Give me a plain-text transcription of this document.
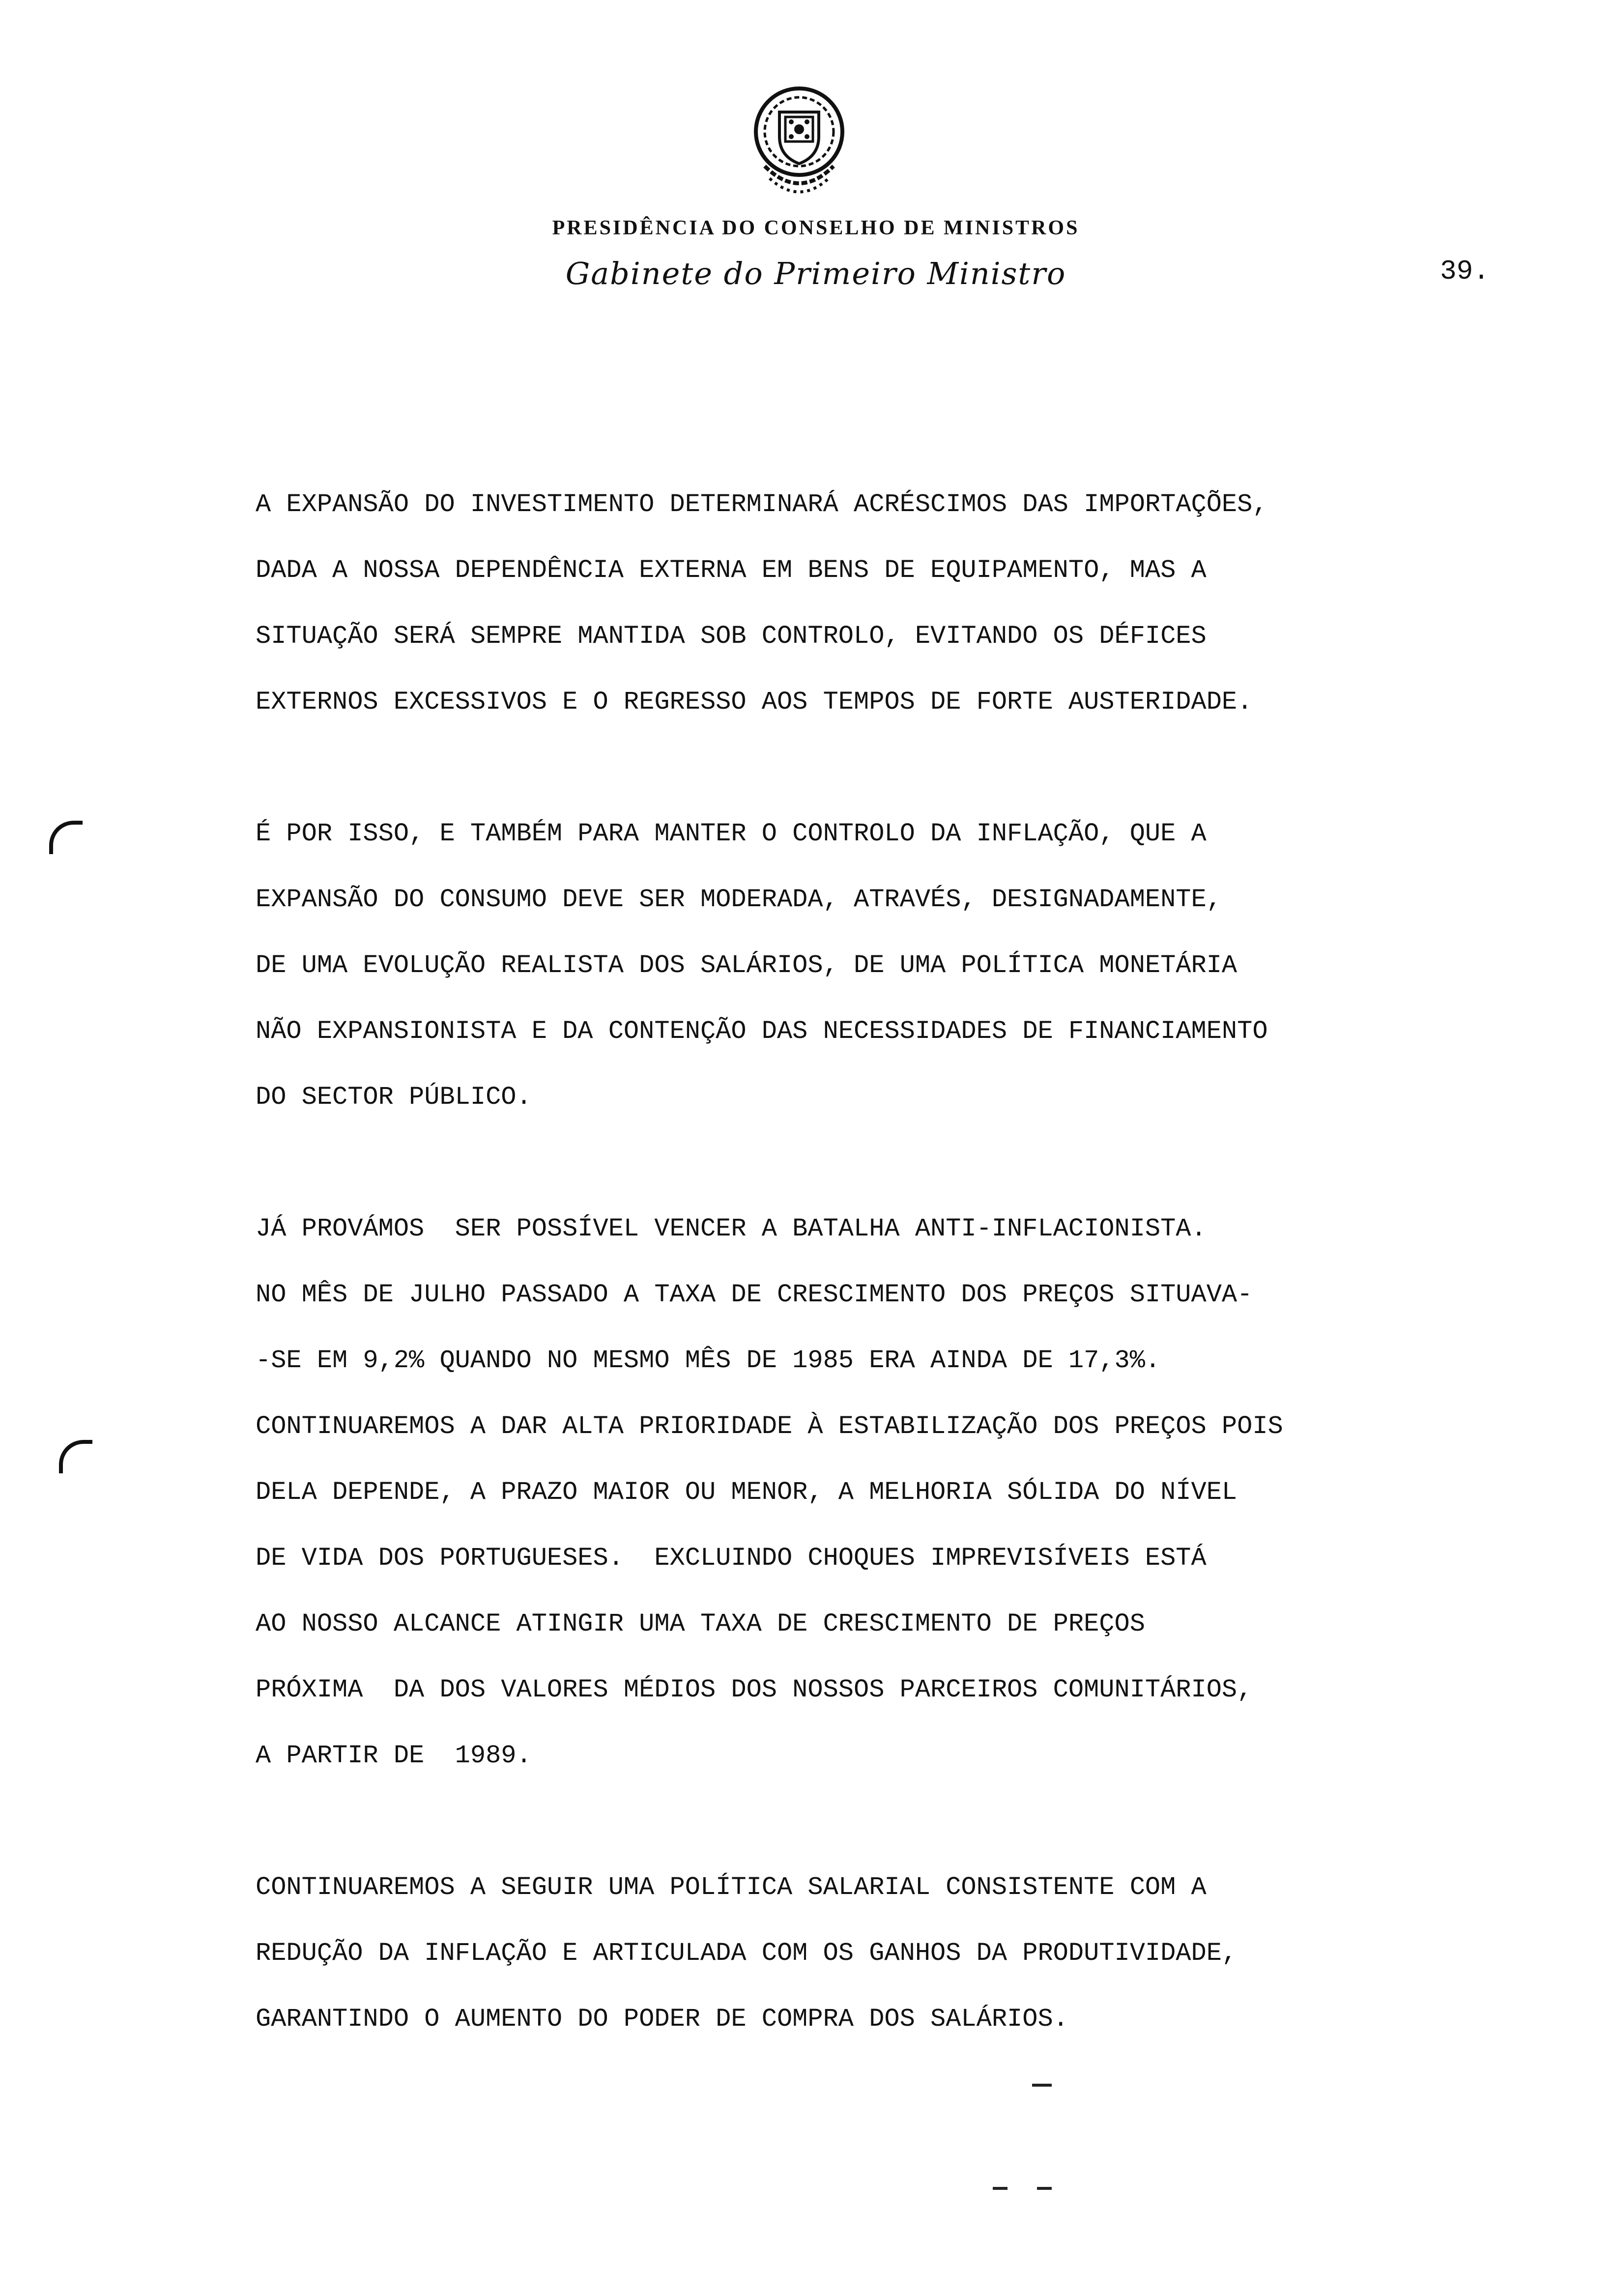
PRESIDÊNCIA DO CONSELHO DE MINISTROS
Gabinete do Primeiro Ministro	39.
A EXPANSÃO DO INVESTIMENTO DETERMINARÁ ACRÉSCIMOS DAS IMPORTAÇÕES,
DADA A NOSSA DEPENDÊNCIA EXTERNA EM BENS DE EQUIPAMENTO, MAS A
SITUAÇÃO SERÁ SEMPRE MANTIDA SOB CONTROLO, EVITANDO OS DÉFICES
EXTERNOS EXCESSIVOS E O REGRESSO AOS TEMPOS DE FORTE AUSTERIDADE.
É POR ISSO, E TAMBÉM PARA MANTER O CONTROLO DA INFLAÇÃO, QUE A
EXPANSÃO DO CONSUMO DEVE SER MODERADA, ATRAVÉS, DESIGNADAMENTE,
DE UMA EVOLUÇÃO REALISTA DOS SALÁRIOS, DE UMA POLÍTICA MONETÁRIA
NÃO EXPANSIONISTA E DA CONTENÇÃO DAS NECESSIDADES DE FINANCIAMENTO
DO SECTOR PÚBLICO.
JÁ PROVÁMOS  SER POSSÍVEL VENCER A BATALHA ANTI-INFLACIONISTA.
NO MÊS DE JULHO PASSADO A TAXA DE CRESCIMENTO DOS PREÇOS SITUAVA-
-SE EM 9,2% QUANDO NO MESMO MÊS DE 1985 ERA AINDA DE 17,3%.
CONTINUAREMOS A DAR ALTA PRIORIDADE À ESTABILIZAÇÃO DOS PREÇOS POIS
DELA DEPENDE, A PRAZO MAIOR OU MENOR, A MELHORIA SÓLIDA DO NÍVEL
DE VIDA DOS PORTUGUESES.  EXCLUINDO CHOQUES IMPREVISÍVEIS ESTÁ
AO NOSSO ALCANCE ATINGIR UMA TAXA DE CRESCIMENTO DE PREÇOS
PRÓXIMA  DA DOS VALORES MÉDIOS DOS NOSSOS PARCEIROS COMUNITÁRIOS,
A PARTIR DE  1989.
CONTINUAREMOS A SEGUIR UMA POLÍTICA SALARIAL CONSISTENTE COM A
REDUÇÃO DA INFLAÇÃO E ARTICULADA COM OS GANHOS DA PRODUTIVIDADE,
GARANTINDO O AUMENTO DO PODER DE COMPRA DOS SALÁRIOS.
